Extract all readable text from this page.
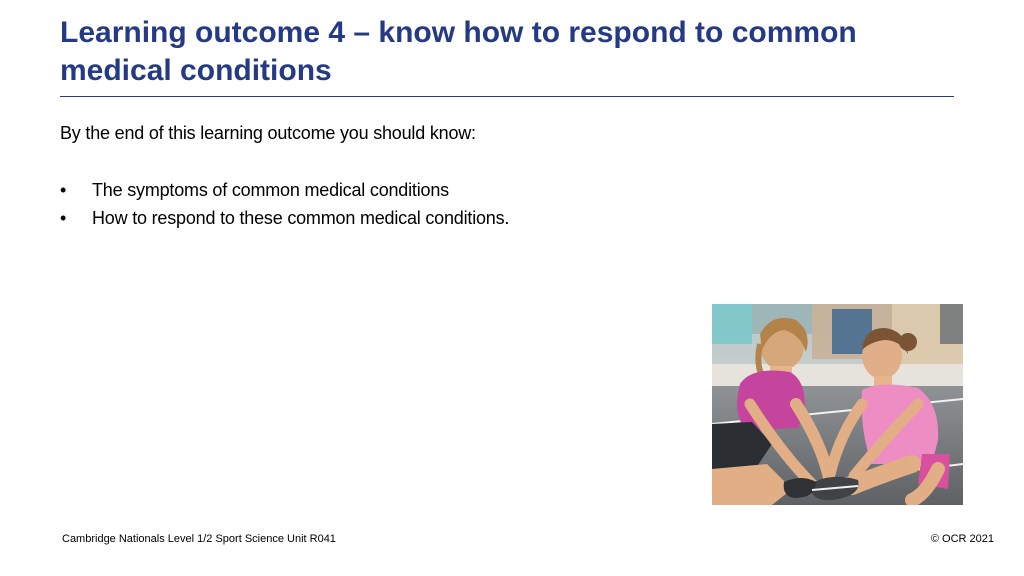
Learning outcome 4 – know how to respond to common medical conditions
By the end of this learning outcome you should know:
• The symptoms of common medical conditions
• How to respond to these common medical conditions.
Cambridge Nationals Level 1/2 Sport Science Unit R041	© OCR 2021
